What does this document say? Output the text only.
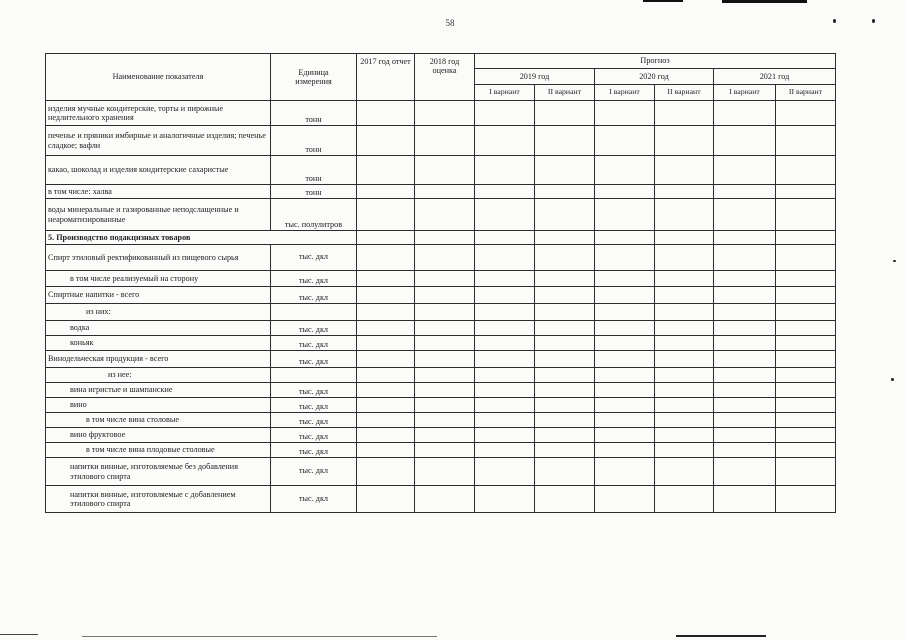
58
Наименование показателя	Единица измерения	2017 год отчет	2018 год оценка	Прогноз					
				2019 год		2020 год		2021 год	
				I вариант	II вариант	I вариант	II вариант	I вариант	II вариант
изделия мучные кондитерские, торты и пирожные недлительного хранения	тонн								
печенье и пряники имбирные и аналогичные изделия; печенье сладкое; вафли	тонн								
какао, шоколад и изделия кондитерские сахаристые	тонн								
в том числе: халва	тонн								
воды минеральные и газированные неподслащенные и неароматизированные	тыс. полулитров								
5. Производство подакцизных товаров									
Спирт этиловый ректификованный из пищевого сырья	тыс. дкл								
в том числе реализуемый на сторону	тыс. дкл								
Спиртные напитки - всего	тыс. дкл								
из них:									
водка	тыс. дкл								
коньяк	тыс. дкл								
Винодельческая продукция - всего	тыс. дкл								
из нее:									
вина игристые и шампанские	тыс. дкл								
вино	тыс. дкл								
в том числе вина столовые	тыс. дкл								
вино фруктовое	тыс. дкл								
в том числе вина плодовые столовые	тыс. дкл								
напитки винные, изготовляемые без добавления этилового спирта	тыс. дкл								
напитки винные, изготовляемые с добавлением этилового спирта	тыс. дкл								
